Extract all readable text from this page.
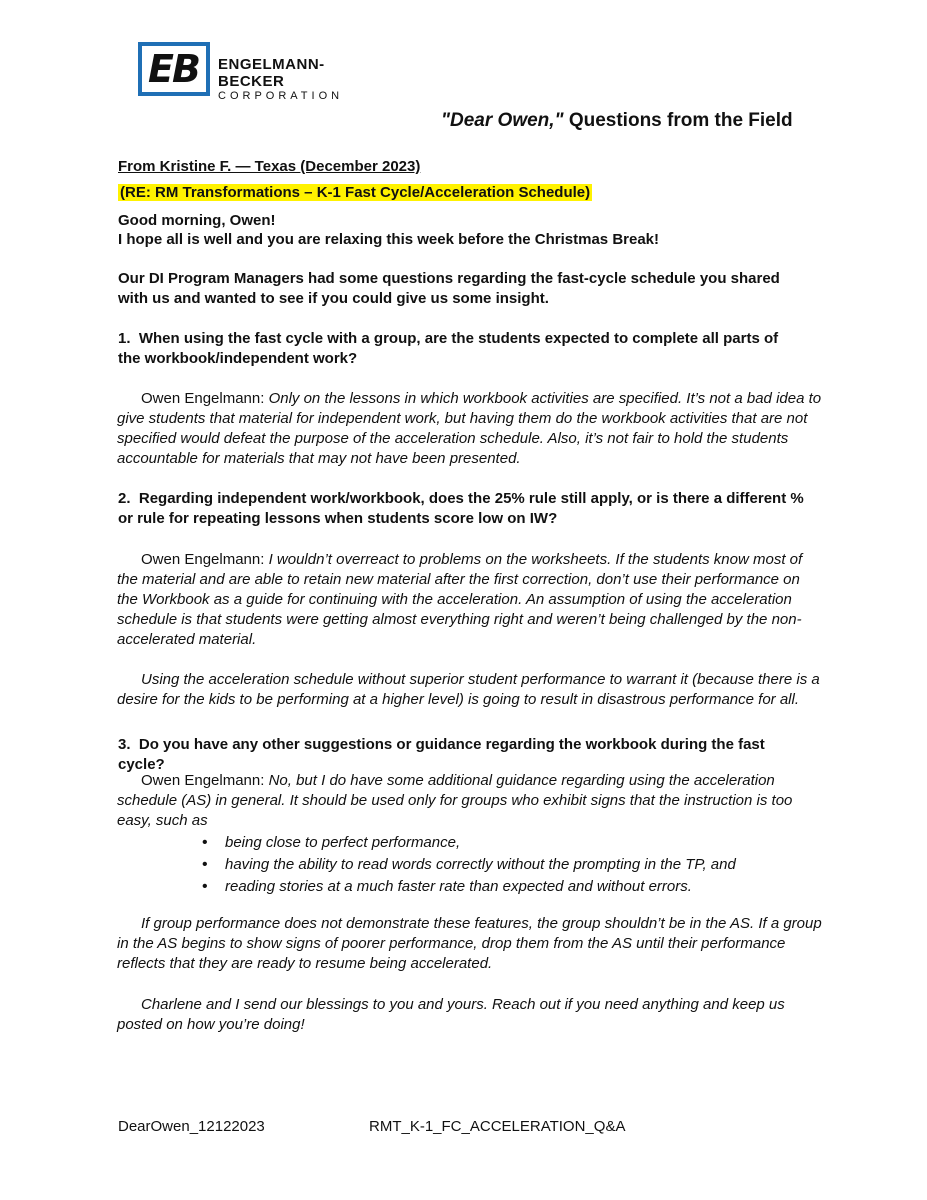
EB ENGELMANN-BECKER
CORPORATION
"Dear Owen," Questions from the Field
From Kristine F. — Texas (December 2023)
(RE: RM Transformations – K-1 Fast Cycle/Acceleration Schedule)
Good morning, Owen!
I hope all is well and you are relaxing this week before the Christmas Break!
Our DI Program Managers had some questions regarding the fast-cycle schedule you shared with us and wanted to see if you could give us some insight.
1. When using the fast cycle with a group, are the students expected to complete all parts of the workbook/independent work?
Owen Engelmann: Only on the lessons in which workbook activities are specified. It’s not a bad idea to give students that material for independent work, but having them do the workbook activities that are not specified would defeat the purpose of the acceleration schedule. Also, it’s not fair to hold the students accountable for materials that may not have been presented.
2. Regarding independent work/workbook, does the 25% rule still apply, or is there a different % or rule for repeating lessons when students score low on IW?
Owen Engelmann: I wouldn’t overreact to problems on the worksheets. If the students know most of the material and are able to retain new material after the first correction, don’t use their performance on the Workbook as a guide for continuing with the acceleration. An assumption of using the acceleration schedule is that students were getting almost everything right and weren’t being challenged by the non-accelerated material.
Using the acceleration schedule without superior student performance to warrant it (because there is a desire for the kids to be performing at a higher level) is going to result in disastrous performance for all.
3. Do you have any other suggestions or guidance regarding the workbook during the fast cycle?
Owen Engelmann: No, but I do have some additional guidance regarding using the acceleration schedule (AS) in general. It should be used only for groups who exhibit signs that the instruction is too easy, such as
• being close to perfect performance,
• having the ability to read words correctly without the prompting in the TP, and
• reading stories at a much faster rate than expected and without errors.
If group performance does not demonstrate these features, the group shouldn’t be in the AS. If a group in the AS begins to show signs of poorer performance, drop them from the AS until their performance reflects that they are ready to resume being accelerated.
Charlene and I send our blessings to you and yours. Reach out if you need anything and keep us posted on how you’re doing!
DearOwen_12122023	RMT_K-1_FC_ACCELERATION_Q&A
